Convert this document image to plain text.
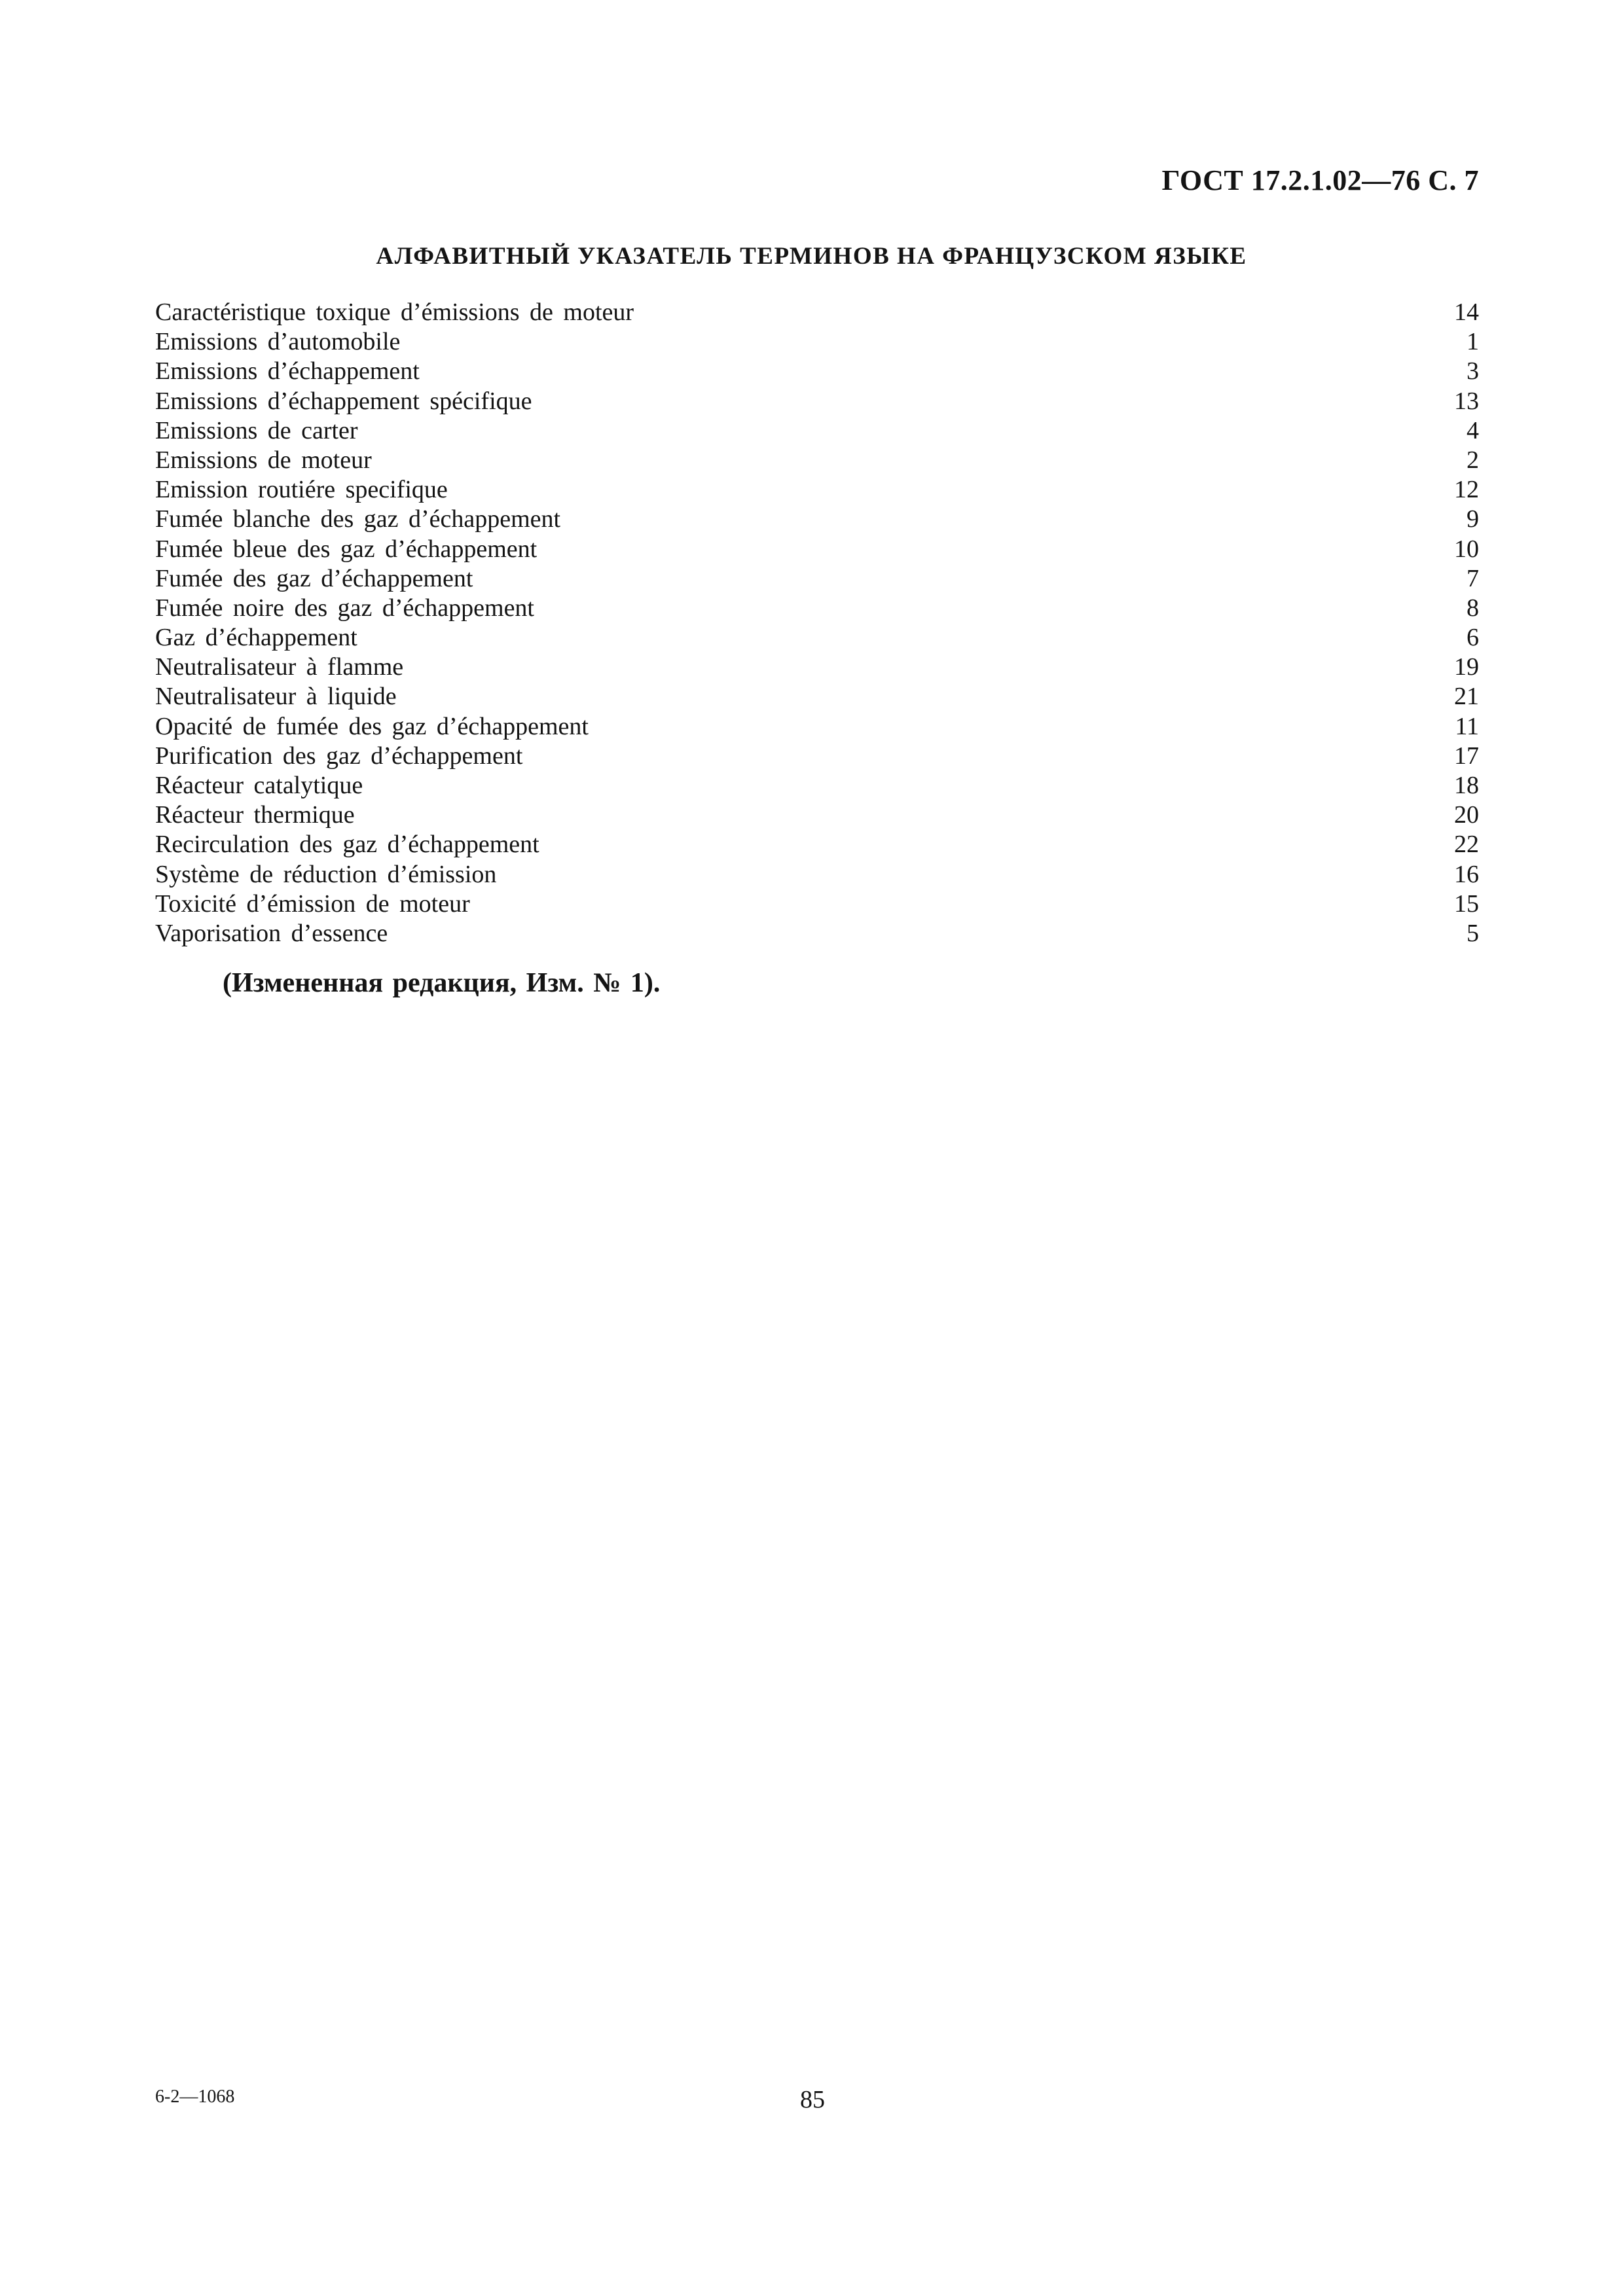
ГОСТ 17.2.1.02—76 С. 7
АЛФАВИТНЫЙ УКАЗАТЕЛЬ ТЕРМИНОВ НА ФРАНЦУЗСКОМ ЯЗЫКЕ
Caractéristique toxique d’émissions de moteur	14
Emissions d’automobile	1
Emissions d’échappement	3
Emissions d’échappement spécifique	13
Emissions de carter	4
Emissions de moteur	2
Emission routiére specifique	12
Fumée blanche des gaz d’échappement	9
Fumée bleue des gaz d’échappement	10
Fumée des gaz d’échappement	7
Fumée noire des gaz d’échappement	8
Gaz d’échappement	6
Neutralisateur à flamme	19
Neutralisateur à liquide	21
Opacité de fumée des gaz d’échappement	11
Purification des gaz d’échappement	17
Réacteur catalytique	18
Réacteur thermique	20
Recirculation des gaz d’échappement	22
Système de réduction d’émission	16
Toxicité d’émission de moteur	15
Vaporisation d’essence	5
(Измененная редакция, Изм. № 1).
6-2—1068	85
